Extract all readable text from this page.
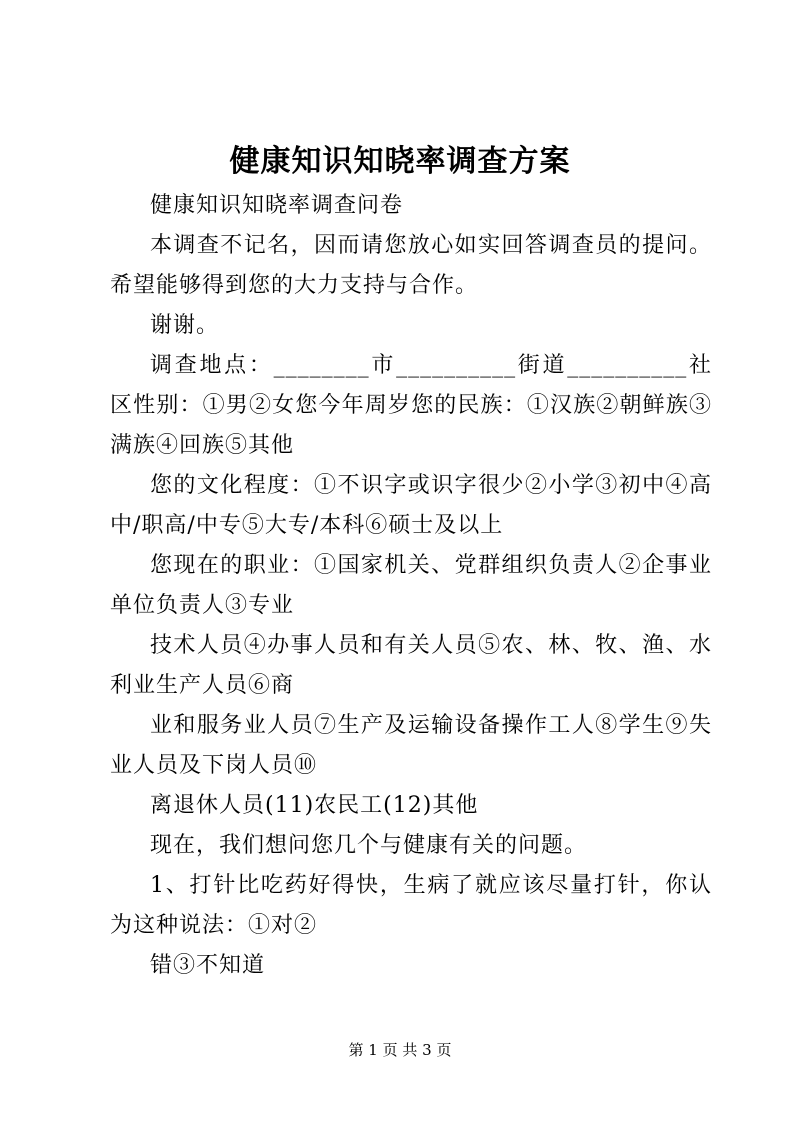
健康知识知晓率调查方案

健康知识知晓率调查问卷

本调查不记名，因而请您放心如实回答调查员的提问。希望能够得到您的大力支持与合作。

谢谢。

调查地点：________市__________街道__________社区性别：①男②女您今年周岁您的民族：①汉族②朝鲜族③满族④回族⑤其他

您的文化程度：①不识字或识字很少②小学③初中④高中/职高/中专⑤大专/本科⑥硕士及以上

您现在的职业：①国家机关、党群组织负责人②企事业单位负责人③专业

技术人员④办事人员和有关人员⑤农、林、牧、渔、水利业生产人员⑥商

业和服务业人员⑦生产及运输设备操作工人⑧学生⑨失业人员及下岗人员⑩

离退休人员(11)农民工(12)其他

现在，我们想问您几个与健康有关的问题。

1、打针比吃药好得快，生病了就应该尽量打针，你认为这种说法：①对②

错③不知道

第 1 页 共 3 页
